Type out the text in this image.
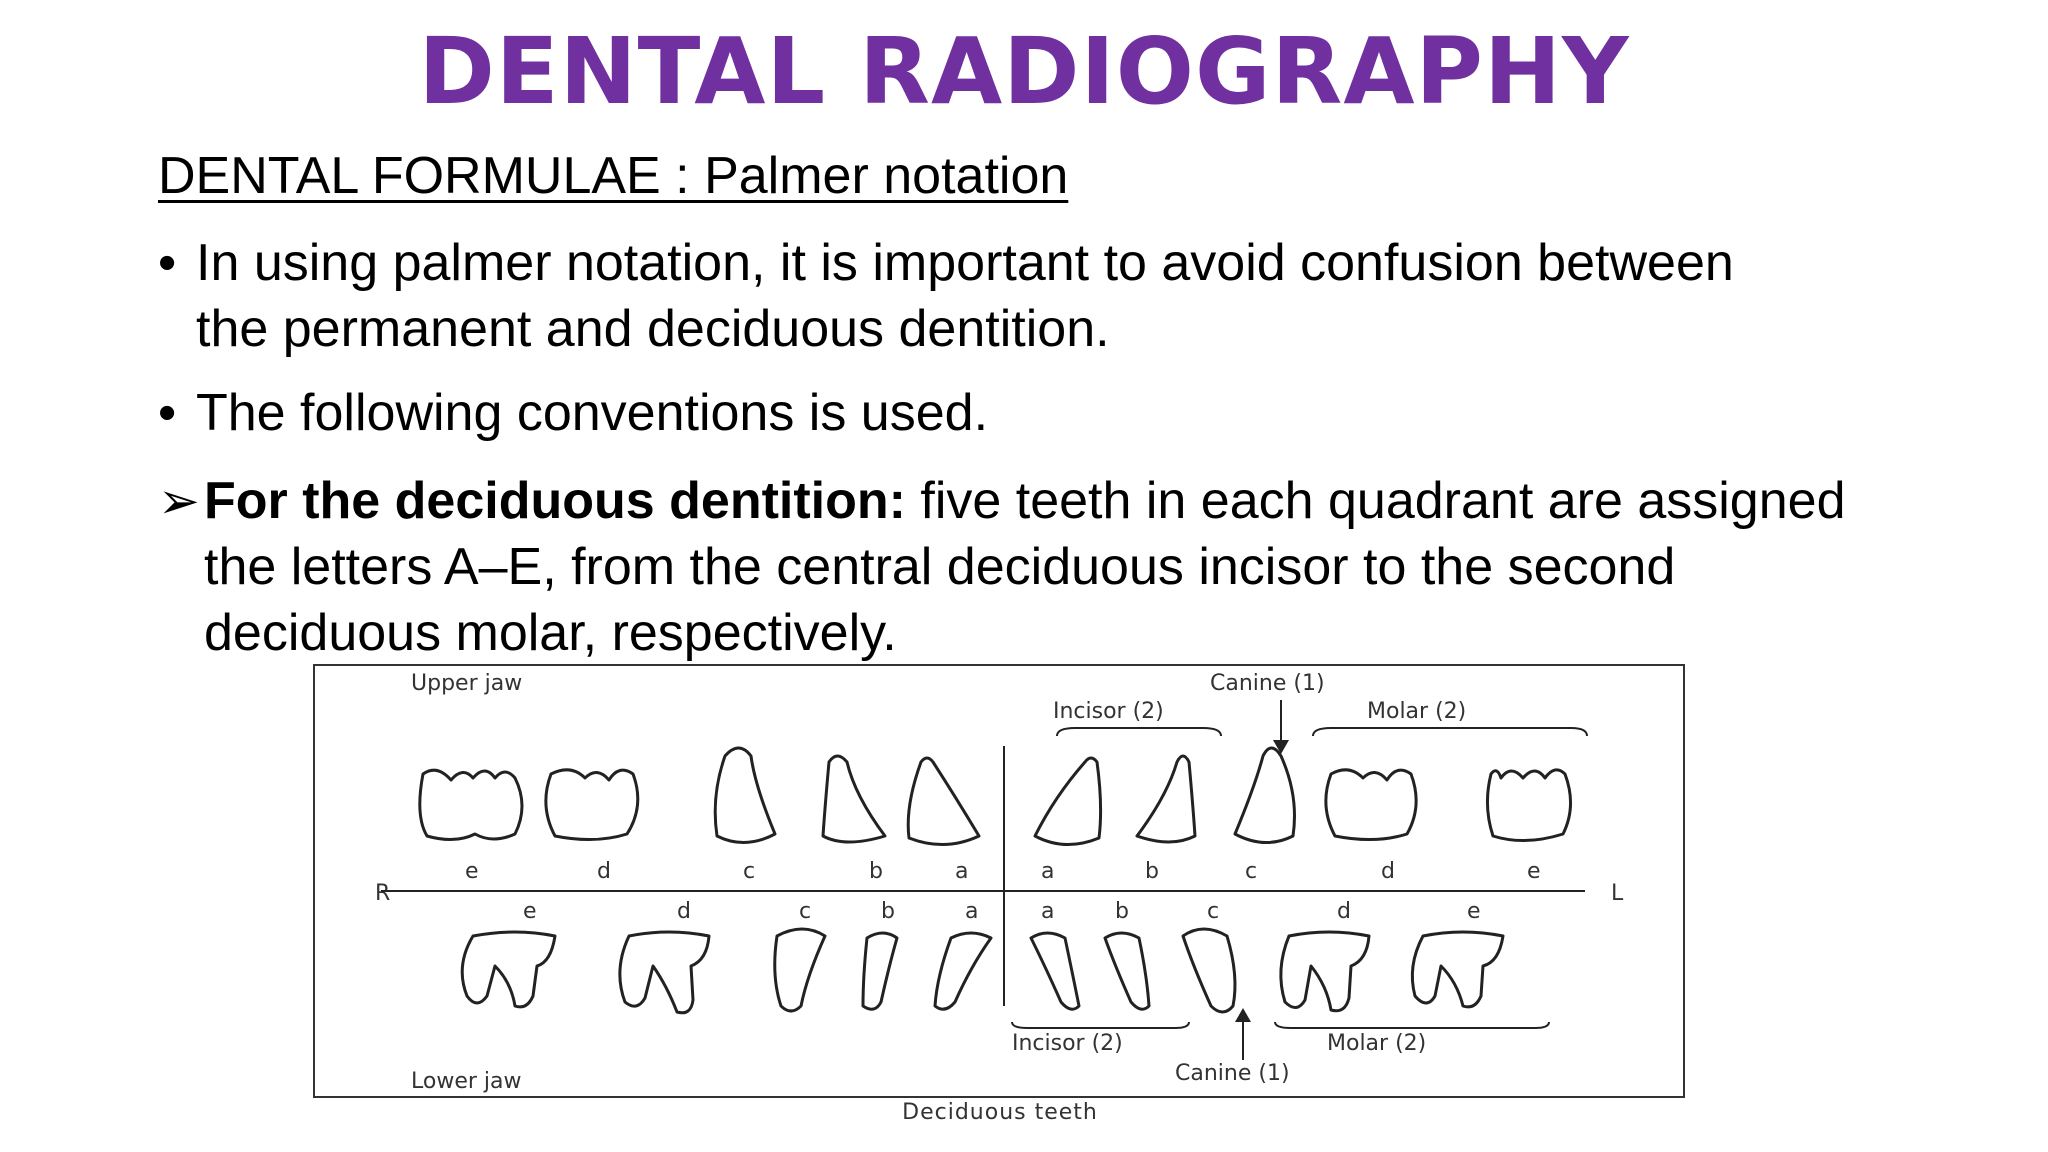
DENTAL RADIOGRAPHY
DENTAL FORMULAE : Palmer notation
• In using palmer notation, it is important to avoid confusion between
the permanent and deciduous dentition.
• The following conventions is used.
➢ For the deciduous dentition: five teeth in each quadrant are assigned
the letters A–E, from the central deciduous incisor to the second
deciduous molar, respectively.
Upper jaw
Lower jaw
R	L
Canine (1)
Incisor (2)	Molar (2)
Incisor (2)	Molar (2)
Canine (1)
e	d	c	b	a	a	b	c	d	e
e	d	c	b	a	a	b	c	d	e
Deciduous teeth
